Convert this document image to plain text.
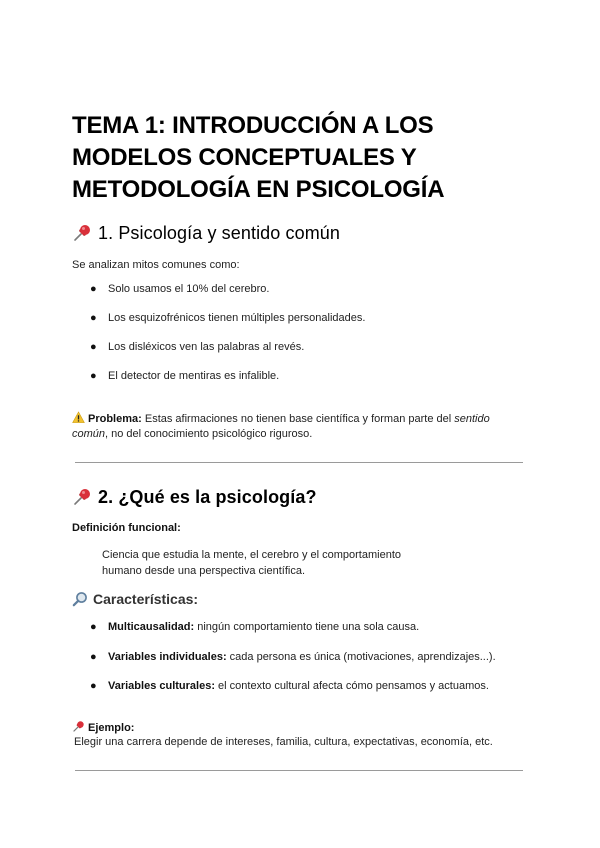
TEMA 1: INTRODUCCIÓN A LOS MODELOS CONCEPTUALES Y METODOLOGÍA EN PSICOLOGÍA
1. Psicología y sentido común

Se analizan mitos comunes como:

●	Solo usamos el 10% del cerebro.
●	Los esquizofrénicos tienen múltiples personalidades.
●	Los disléxicos ven las palabras al revés.
●	El detector de mentiras es infalible.

Problema: Estas afirmaciones no tienen base científica y forman parte del sentido común, no del conocimiento psicológico riguroso.

2. ¿Qué es la psicología?

Definición funcional:

Ciencia que estudia la mente, el cerebro y el comportamiento humano desde una perspectiva científica.

Características:
●	Multicausalidad: ningún comportamiento tiene una sola causa.
●	Variables individuales: cada persona es única (motivaciones, aprendizajes...).
●	Variables culturales: el contexto cultural afecta cómo pensamos y actuamos.

Ejemplo:

Elegir una carrera depende de intereses, familia, cultura, expectativas, economía, etc.
